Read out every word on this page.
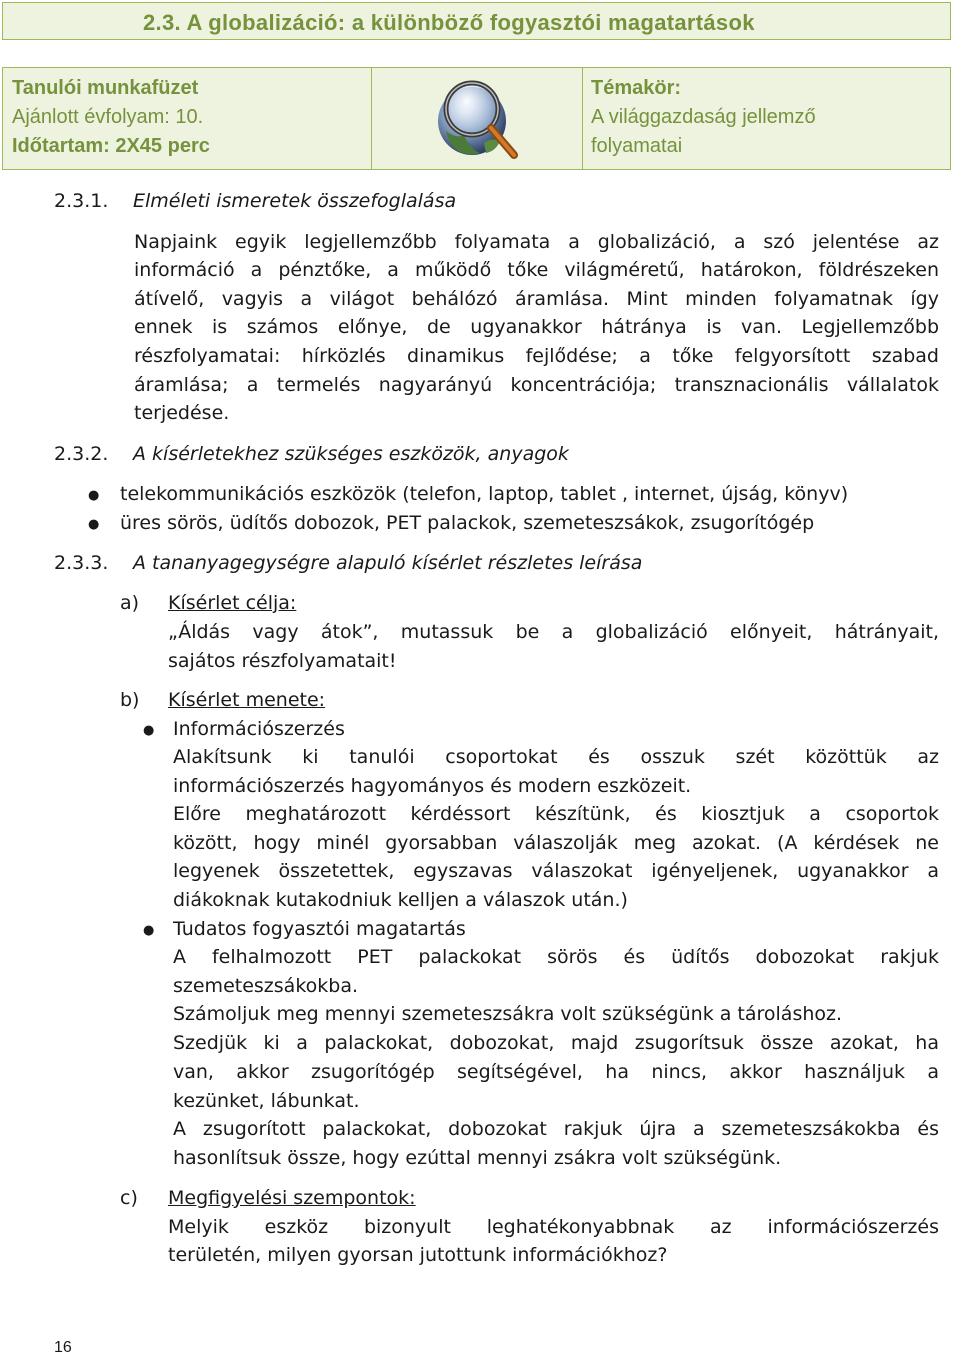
2.3. A globalizáció: a különböző fogyasztói magatartások
Tanulói munkafüzet
Ajánlott évfolyam: 10.
Időtartam: 2X45 perc
Témakör:
A világgazdaság jellemző
folyamatai
2.3.1. Elméleti ismeretek összefoglalása
Napjaink egyik legjellemzőbb folyamata a globalizáció, a szó jelentése az
információ a pénztőke, a működő tőke világméretű, határokon, földrészeken
átívelő, vagyis a világot behálózó áramlása. Mint minden folyamatnak így
ennek is számos előnye, de ugyanakkor hátránya is van. Legjellemzőbb
részfolyamatai: hírközlés dinamikus fejlődése; a tőke felgyorsított szabad
áramlása; a termelés nagyarányú koncentrációja; transznacionális vállalatok
terjedése.
2.3.2. A kísérletekhez szükséges eszközök, anyagok
● telekommunikációs eszközök (telefon, laptop, tablet , internet, újság, könyv)
● üres sörös, üdítős dobozok, PET palackok, szemeteszsákok, zsugorítógép
2.3.3. A tananyagegységre alapuló kísérlet részletes leírása
a) Kísérlet célja:
„Áldás vagy átok”, mutassuk be a globalizáció előnyeit, hátrányait,
sajátos részfolyamatait!
b) Kísérlet menete:
● Információszerzés
Alakítsunk ki tanulói csoportokat és osszuk szét közöttük az
információszerzés hagyományos és modern eszközeit.
Előre meghatározott kérdéssort készítünk, és kiosztjuk a csoportok
között, hogy minél gyorsabban válaszolják meg azokat. (A kérdések ne
legyenek összetettek, egyszavas válaszokat igényeljenek, ugyanakkor a
diákoknak kutakodniuk kelljen a válaszok után.)
● Tudatos fogyasztói magatartás
A felhalmozott PET palackokat sörös és üdítős dobozokat rakjuk
szemeteszsákokba.
Számoljuk meg mennyi szemeteszsákra volt szükségünk a tároláshoz.
Szedjük ki a palackokat, dobozokat, majd zsugorítsuk össze azokat, ha
van, akkor zsugorítógép segítségével, ha nincs, akkor használjuk a
kezünket, lábunkat.
A zsugorított palackokat, dobozokat rakjuk újra a szemeteszsákokba és
hasonlítsuk össze, hogy ezúttal mennyi zsákra volt szükségünk.
c) Megfigyelési szempontok:
Melyik eszköz bizonyult leghatékonyabbnak az információszerzés
területén, milyen gyorsan jutottunk információkhoz?
16
